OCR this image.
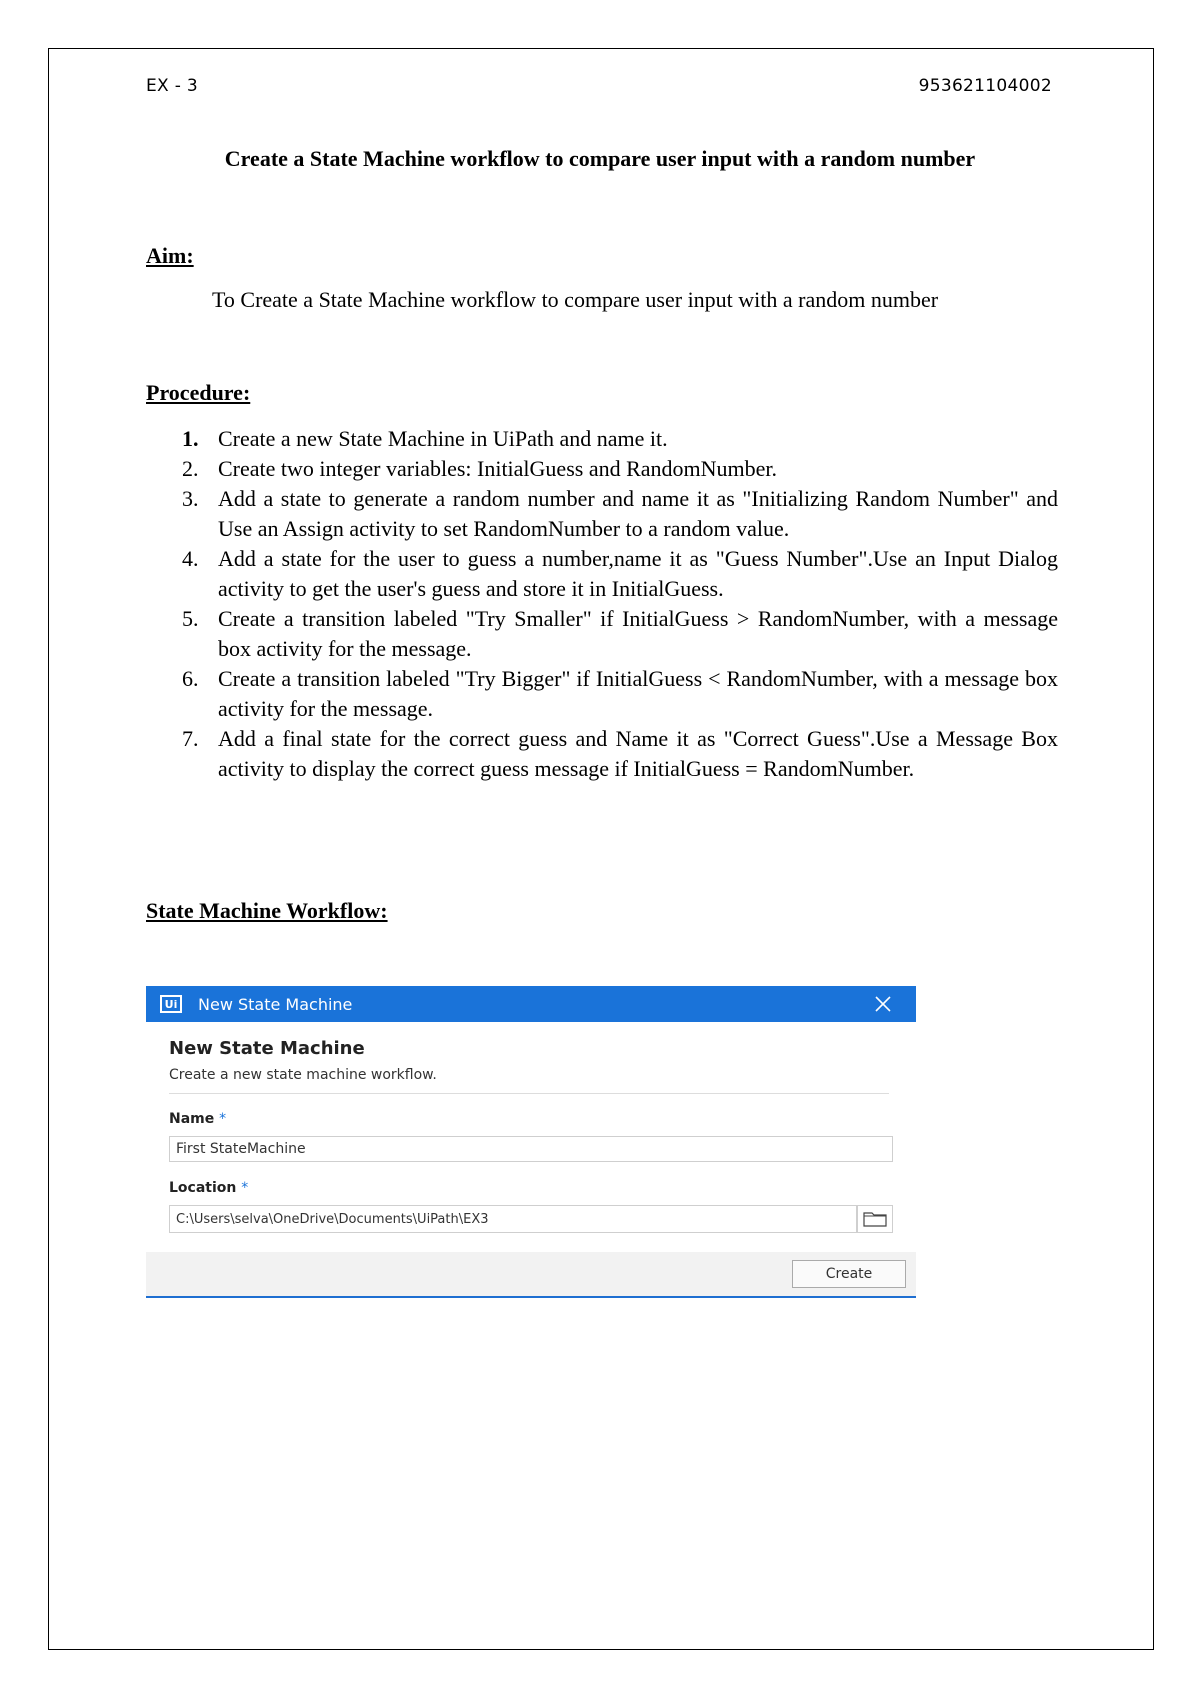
EX - 3	953621104002
Create a State Machine workflow to compare user input with a random number
Aim:
To Create a State Machine workflow to compare user input with a random number
Procedure:
1. Create a new State Machine in UiPath and name it.
2. Create two integer variables: InitialGuess and RandomNumber.
3. Add a state to generate a random number and name it as "Initializing Random Number" and Use an Assign activity to set RandomNumber to a random value.
4. Add a state for the user to guess a number,name it as "Guess Number".Use an Input Dialog activity to get the user's guess and store it in InitialGuess.
5. Create a transition labeled "Try Smaller" if InitialGuess > RandomNumber, with a message box activity for the message.
6. Create a transition labeled "Try Bigger" if InitialGuess < RandomNumber, with a message box activity for the message.
7. Add a final state for the correct guess and Name it as "Correct Guess".Use a Message Box activity to display the correct guess message if InitialGuess = RandomNumber.
State Machine Workflow:
Ui New State Machine
New State Machine
Create a new state machine workflow.
Name *
First StateMachine
Location *
C:\Users\selva\OneDrive\Documents\UiPath\EX3
Create
